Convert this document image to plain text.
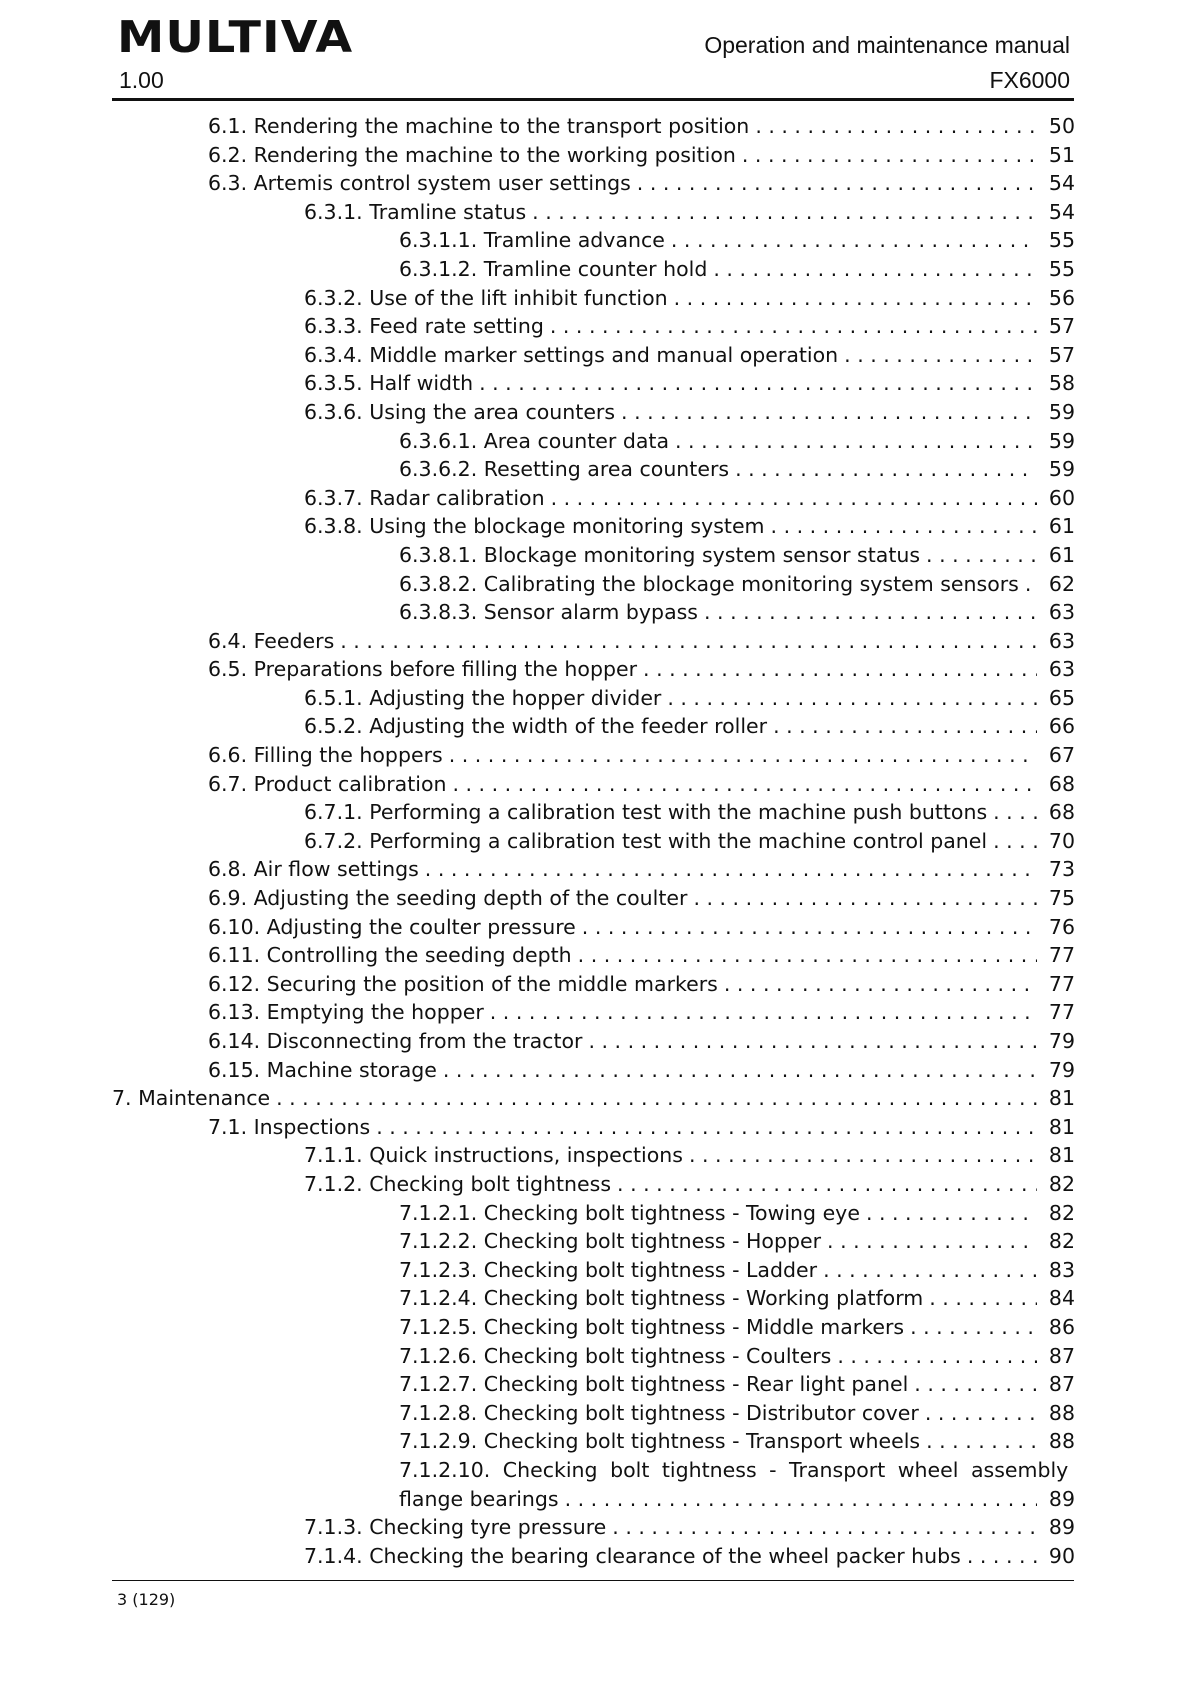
MULTIVA	Operation and maintenance manual
1.00	FX6000
6.1. Rendering the machine to the transport position . . .	50
6.2. Rendering the machine to the working position . . .	51
6.3. Artemis control system user settings . . .	54
6.3.1. Tramline status . . .	54
6.3.1.1. Tramline advance . . .	55
6.3.1.2. Tramline counter hold . . .	55
6.3.2. Use of the lift inhibit function . . .	56
6.3.3. Feed rate setting . . .	57
6.3.4. Middle marker settings and manual operation . . .	57
6.3.5. Half width . . .	58
6.3.6. Using the area counters . . .	59
6.3.6.1. Area counter data . . .	59
6.3.6.2. Resetting area counters . . .	59
6.3.7. Radar calibration . . .	60
6.3.8. Using the blockage monitoring system . . .	61
6.3.8.1. Blockage monitoring system sensor status . . .	61
6.3.8.2. Calibrating the blockage monitoring system sensors . . . 62
6.3.8.3. Sensor alarm bypass . . .	63
6.4. Feeders . . .	63
6.5. Preparations before filling the hopper . . .	63
6.5.1. Adjusting the hopper divider . . .	65
6.5.2. Adjusting the width of the feeder roller . . .	66
6.6. Filling the hoppers . . .	67
6.7. Product calibration . . .	68
6.7.1. Performing a calibration test with the machine push buttons . . .	68
6.7.2. Performing a calibration test with the machine control panel . . .	70
6.8. Air flow settings . . .	73
6.9. Adjusting the seeding depth of the coulter . . .	75
6.10. Adjusting the coulter pressure . . .	76
6.11. Controlling the seeding depth . . .	77
6.12. Securing the position of the middle markers . . .	77
6.13. Emptying the hopper . . .	77
6.14. Disconnecting from the tractor . . .	79
6.15. Machine storage . . .	79
7. Maintenance . . .	81
7.1. Inspections . . .	81
7.1.1. Quick instructions, inspections . . .	81
7.1.2. Checking bolt tightness . . .	82
7.1.2.1. Checking bolt tightness - Towing eye . . .	82
7.1.2.2. Checking bolt tightness - Hopper . . .	82
7.1.2.3. Checking bolt tightness - Ladder . . .	83
7.1.2.4. Checking bolt tightness - Working platform . . .	84
7.1.2.5. Checking bolt tightness - Middle markers . . .	86
7.1.2.6. Checking bolt tightness - Coulters . . .	87
7.1.2.7. Checking bolt tightness - Rear light panel . . .	87
7.1.2.8. Checking bolt tightness - Distributor cover . . .	88
7.1.2.9. Checking bolt tightness - Transport wheels . . .	88
7.1.2.10. Checking bolt tightness - Transport wheel assembly
flange bearings . . .	89
7.1.3. Checking tyre pressure . . .	89
7.1.4. Checking the bearing clearance of the wheel packer hubs . . .	90
3 (129)
